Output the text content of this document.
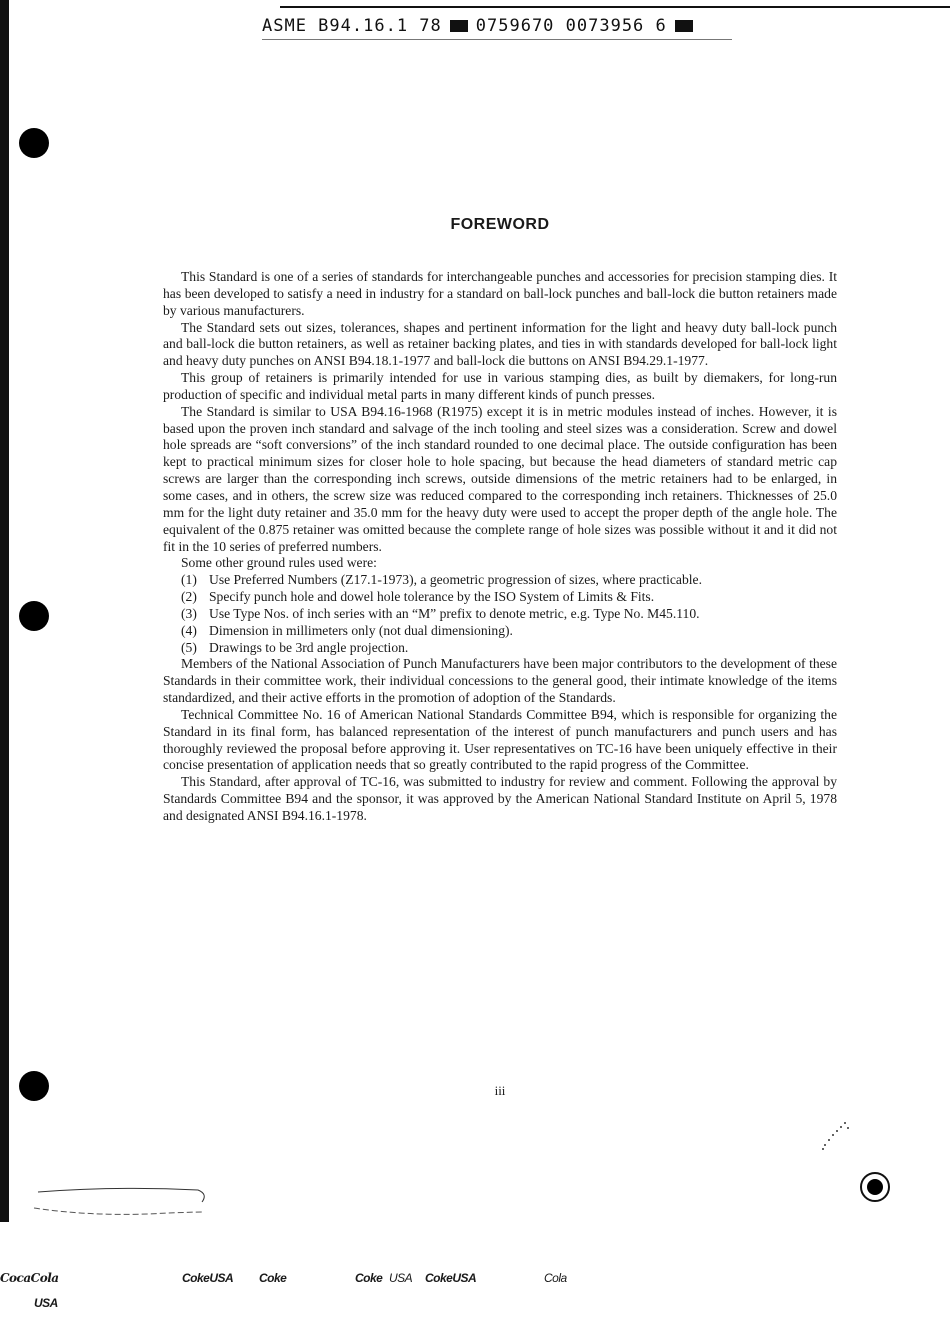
ASME B94.16.1 78 0759670 0073956 6
FOREWORD

This Standard is one of a series of standards for interchangeable punches and accessories for precision stamping dies. It has been developed to satisfy a need in industry for a standard on ball-lock punches and ball-lock die button retainers made by various manufacturers.

The Standard sets out sizes, tolerances, shapes and pertinent information for the light and heavy duty ball-lock punch and ball-lock die button retainers, as well as retainer backing plates, and ties in with standards developed for ball-lock light and heavy duty punches on ANSI B94.18.1-1977 and ball-lock die buttons on ANSI B94.29.1-1977.

This group of retainers is primarily intended for use in various stamping dies, as built by diemakers, for long-run production of specific and individual metal parts in many different kinds of punch presses.

The Standard is similar to USA B94.16-1968 (R1975) except it is in metric modules instead of inches. However, it is based upon the proven inch standard and salvage of the inch tooling and steel sizes was a consideration. Screw and dowel hole spreads are “soft conversions” of the inch standard rounded to one decimal place. The outside configuration has been kept to practical minimum sizes for closer hole to hole spacing, but because the head diameters of standard metric cap screws are larger than the corresponding inch screws, outside dimensions of the metric retainers had to be enlarged, in some cases, and in others, the screw size was reduced compared to the corresponding inch retainers. Thicknesses of 25.0 mm for the light duty retainer and 35.0 mm for the heavy duty were used to accept the proper depth of the angle hole. The equivalent of the 0.875 retainer was omitted because the complete range of hole sizes was possible without it and it did not fit in the 10 series of preferred numbers.

Some other ground rules used were:

(1) Use Preferred Numbers (Z17.1-1973), a geometric progression of sizes, where practicable.
(2) Specify punch hole and dowel hole tolerance by the ISO System of Limits & Fits.
(3) Use Type Nos. of inch series with an “M” prefix to denote metric, e.g. Type No. M45.110.
(4) Dimension in millimeters only (not dual dimensioning).
(5) Drawings to be 3rd angle projection.

Members of the National Association of Punch Manufacturers have been major contributors to the development of these Standards in their committee work, their individual concessions to the general good, their intimate knowledge of the items standardized, and their active efforts in the promotion of adoption of the Standards.

Technical Committee No. 16 of American National Standards Committee B94, which is responsible for organizing the Standard in its final form, has balanced representation of the interest of punch manufacturers and punch users and has thoroughly reviewed the proposal before approving it. User representatives on TC-16 have been uniquely effective in their concise presentation of application needs that so greatly contributed to the rapid progress of the Committee.

This Standard, after approval of TC-16, was submitted to industry for review and comment. Following the approval by Standards Committee B94 and the sponsor, it was approved by the American National Standard Institute on April 5, 1978 and designated ANSI B94.16.1-1978.

iii
CocaCola
USA
CokeUSA Coke	Coke USA CokeUSA	Cola
